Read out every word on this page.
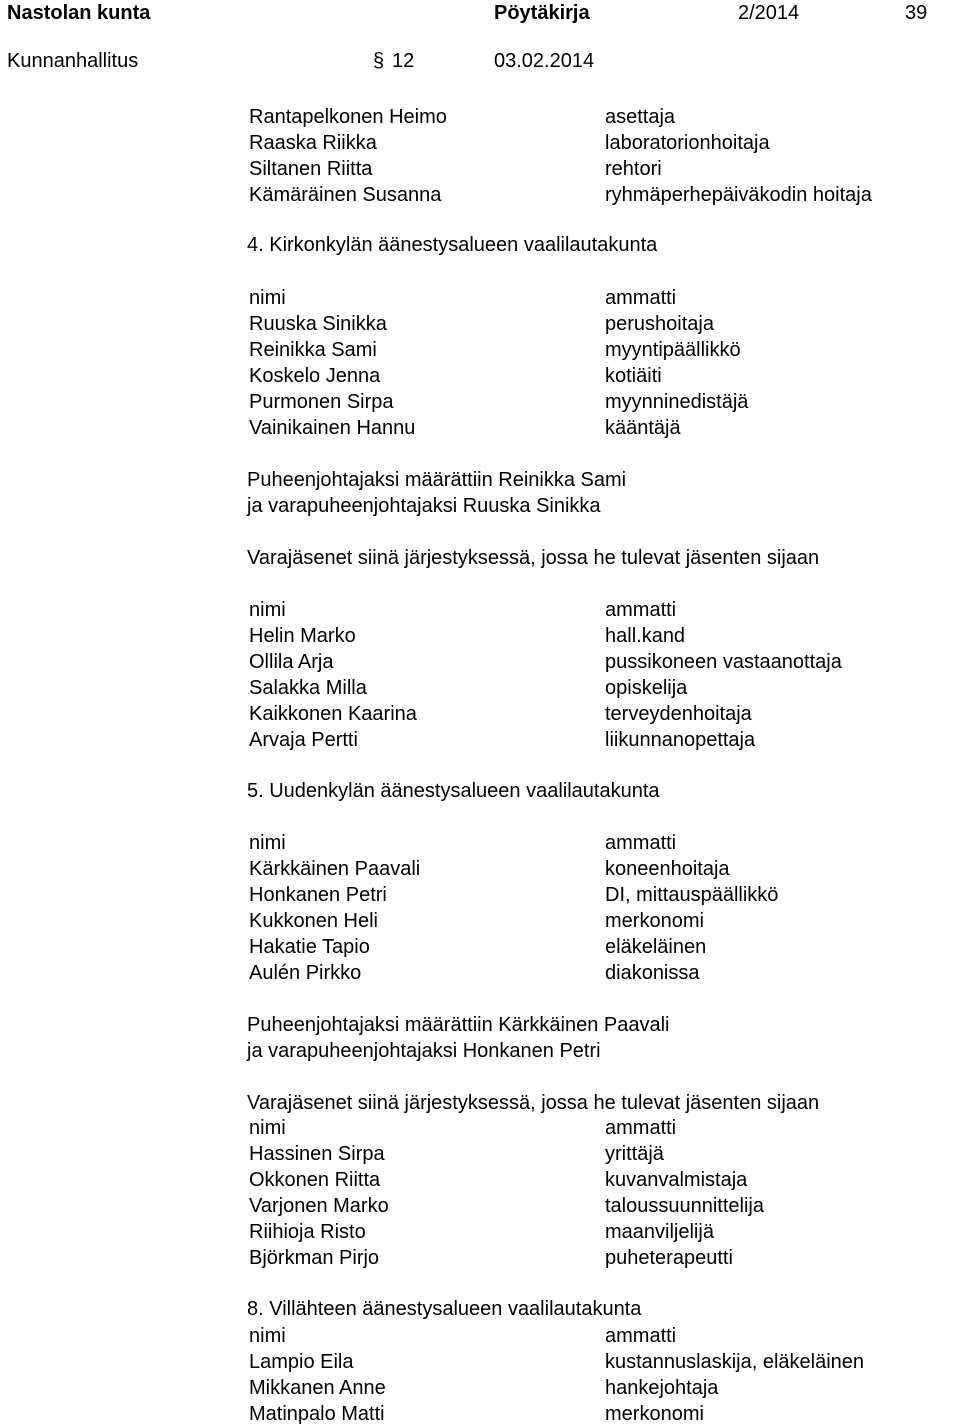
Nastolan kunta	Pöytäkirja	2/2014	39
Kunnanhallitus	§ 12	03.02.2014
Rantapelkonen Heimo	asettaja
Raaska Riikka	laboratorionhoitaja
Siltanen Riitta	rehtori
Kämäräinen Susanna	ryhmäperhepäiväkodin hoitaja
4. Kirkonkylän äänestysalueen vaalilautakunta
nimi	ammatti
Ruuska Sinikka	perushoitaja
Reinikka Sami	myyntipäällikkö
Koskelo Jenna	kotiäiti
Purmonen Sirpa	myynninedistäjä
Vainikainen Hannu	kääntäjä
Puheenjohtajaksi määrättiin Reinikka Sami
ja varapuheenjohtajaksi Ruuska Sinikka
Varajäsenet siinä järjestyksessä, jossa he tulevat jäsenten sijaan
nimi	ammatti
Helin Marko	hall.kand
Ollila Arja	pussikoneen vastaanottaja
Salakka Milla	opiskelija
Kaikkonen Kaarina	terveydenhoitaja
Arvaja Pertti	liikunnanopettaja
5. Uudenkylän äänestysalueen vaalilautakunta
nimi	ammatti
Kärkkäinen Paavali	koneenhoitaja
Honkanen Petri	DI, mittauspäällikkö
Kukkonen Heli	merkonomi
Hakatie Tapio	eläkeläinen
Aulén Pirkko	diakonissa
Puheenjohtajaksi määrättiin Kärkkäinen Paavali
ja varapuheenjohtajaksi Honkanen Petri
Varajäsenet siinä järjestyksessä, jossa he tulevat jäsenten sijaan
nimi	ammatti
Hassinen Sirpa	yrittäjä
Okkonen Riitta	kuvanvalmistaja
Varjonen Marko	taloussuunnittelija
Riihioja Risto	maanviljelijä
Björkman Pirjo	puheterapeutti
8. Villähteen äänestysalueen vaalilautakunta
nimi	ammatti
Lampio Eila	kustannuslaskija, eläkeläinen
Mikkanen Anne	hankejohtaja
Matinpalo Matti	merkonomi
